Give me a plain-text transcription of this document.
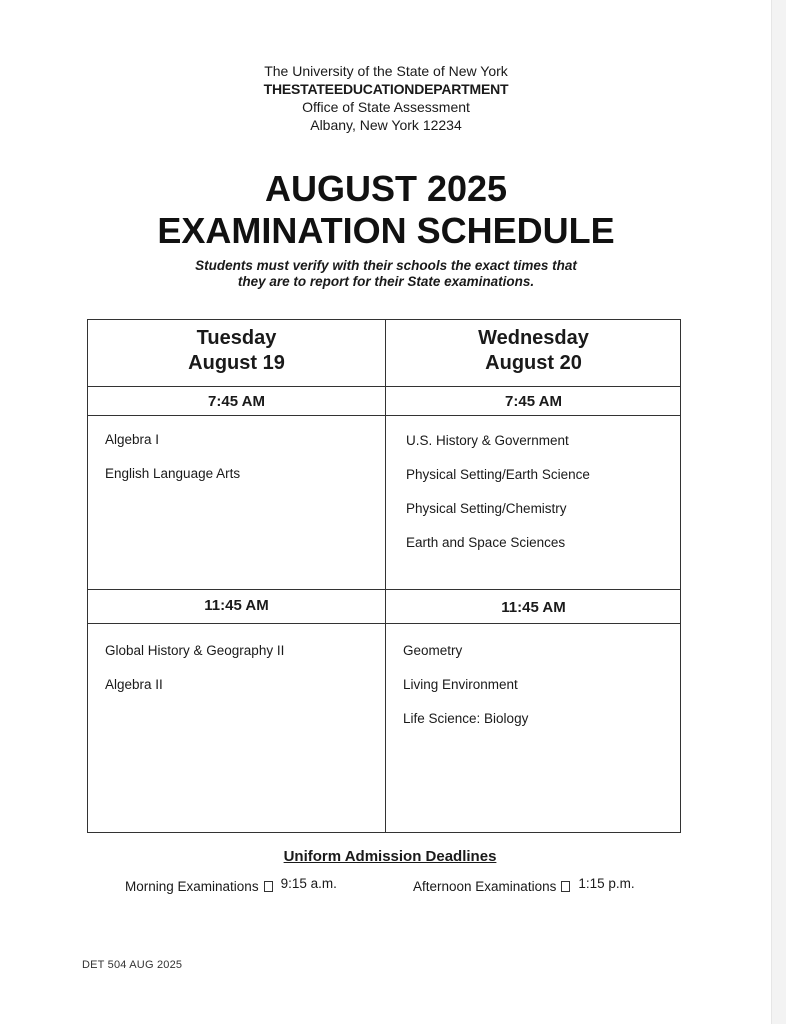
The University of the State of New York
THESTATEEDUCATIONDEPARTMENT
Office of State Assessment
Albany, New York 12234
AUGUST 2025
EXAMINATION SCHEDULE
Students must verify with their schools the exact times that they are to report for their State examinations.
Tuesday
August 19
7:45 AM
Algebra I
English Language Arts
11:45 AM
Global History & Geography II
Algebra II
Wednesday
August 20
7:45 AM
U.S. History & Government
Physical Setting/Earth Science
Physical Setting/Chemistry
Earth and Space Sciences
11:45 AM
Geometry
Living Environment
Life Science: Biology
Uniform Admission Deadlines
Morning Examinations 9:15 a.m.	Afternoon Examinations 1:15 p.m.
DET 504 AUG 2025
